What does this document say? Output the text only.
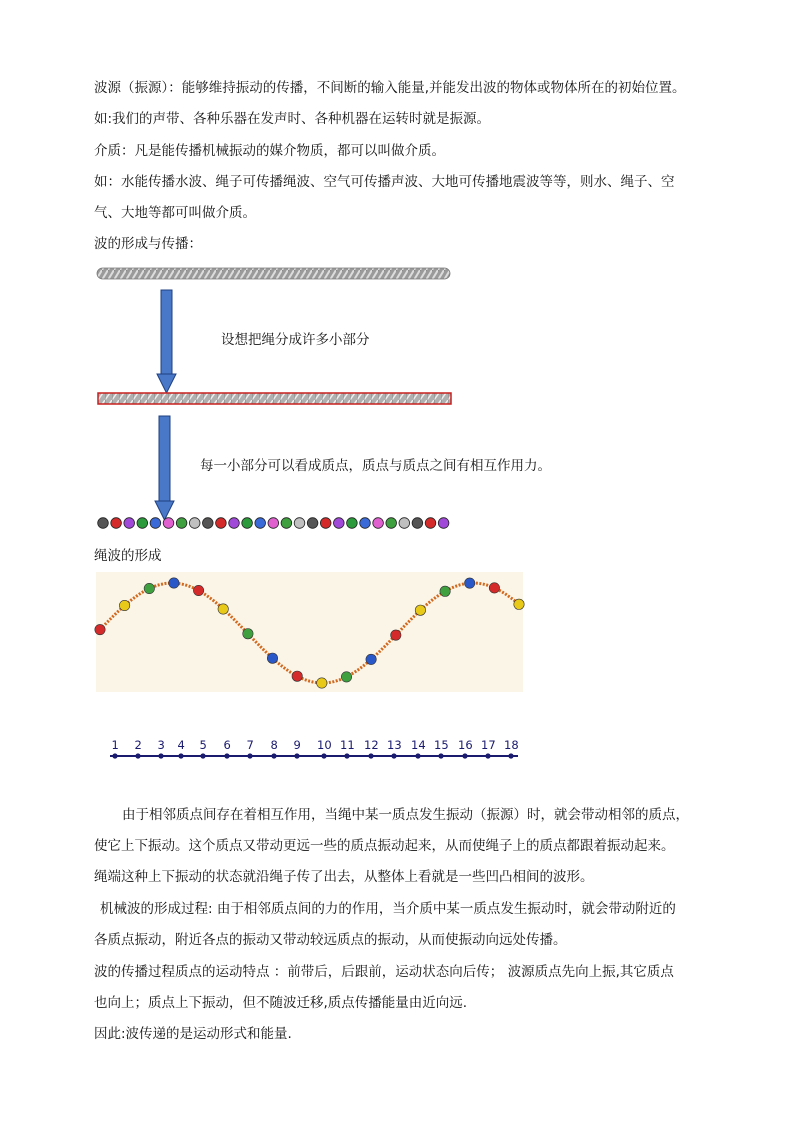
波源（振源）：能够维持振动的传播，不间断的输入能量,并能发出波的物体或物体所在的初始位置。
如:我们的声带、各种乐器在发声时、各种机器在运转时就是振源。
介质：凡是能传播机械振动的媒介物质，都可以叫做介质。
如：水能传播水波、绳子可传播绳波、空气可传播声波、大地可传播地震波等等，则水、绳子、空
气、大地等都可叫做介质。
波的形成与传播：
设想把绳分成许多小部分
每一小部分可以看成质点，质点与质点之间有相互作用力。
绳波的形成
1 2 3 4 5 6 7 8 9 10 11 12 13 14 15 16 17 18
由于相邻质点间存在着相互作用，当绳中某一质点发生振动（振源）时，就会带动相邻的质点，
使它上下振动。这个质点又带动更远一些的质点振动起来，从而使绳子上的质点都跟着振动起来。
绳端这种上下振动的状态就沿绳子传了出去，从整体上看就是一些凹凸相间的波形。
机械波的形成过程: 由于相邻质点间的力的作用，当介质中某一质点发生振动时，就会带动附近的
各质点振动，附近各点的振动又带动较远质点的振动，从而使振动向远处传播。
波的传播过程质点的运动特点 ：前带后，后跟前，运动状态向后传； 波源质点先向上振,其它质点
也向上；质点上下振动，但不随波迁移,质点传播能量由近向远.
因此:波传递的是运动形式和能量.
